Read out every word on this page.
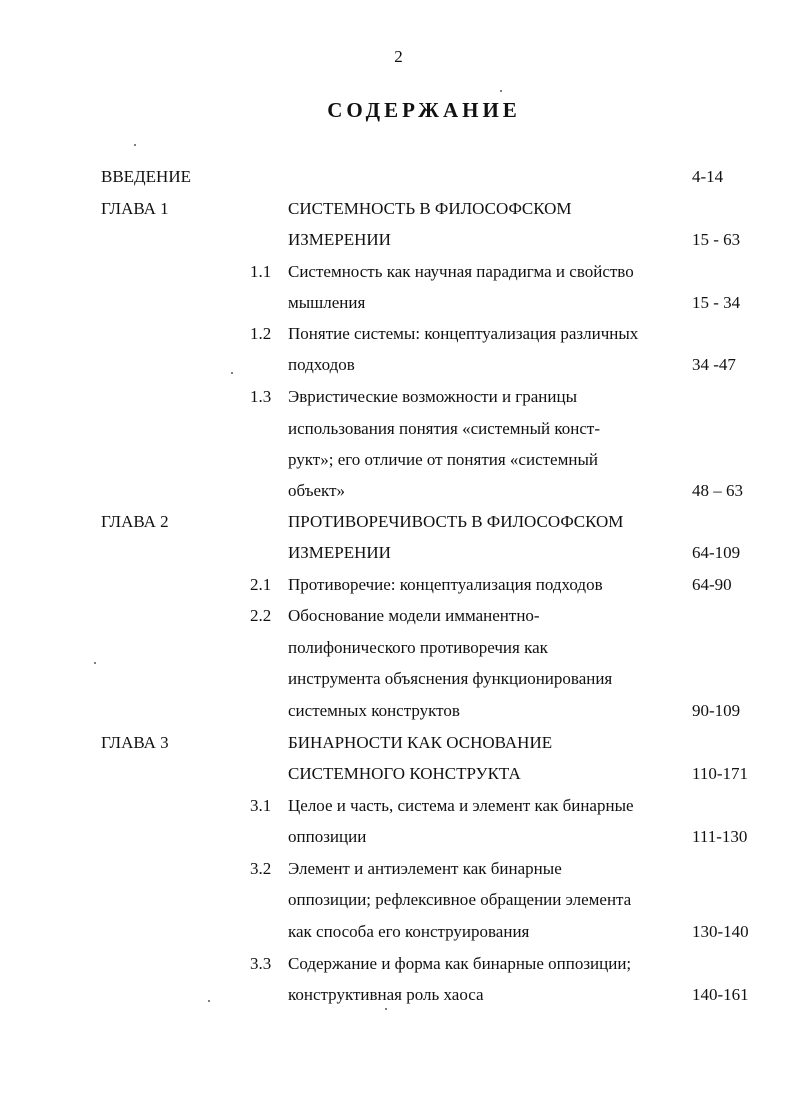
2
СОДЕРЖАНИЕ
ВВЕДЕНИЕ	4-14
ГЛАВА 1	СИСТЕМНОСТЬ В ФИЛОСОФСКОМ
ИЗМЕРЕНИИ	15 - 63
1.1 Системность как научная парадигма и свойство
мышления	15 - 34
1.2 Понятие системы: концептуализация различных
подходов	34 -47
1.3 Эвристические возможности и границы
использования понятия «системный конст-
рукт»; его отличие от понятия «системный
объект»	48 – 63
ГЛАВА 2	ПРОТИВОРЕЧИВОСТЬ В ФИЛОСОФСКОМ
ИЗМЕРЕНИИ	64-109
2.1 Противоречие: концептуализация подходов	64-90
2.2 Обоснование модели имманентно-
полифонического противоречия как
инструмента объяснения функционирования
системных конструктов	90-109
ГЛАВА 3	БИНАРНОСТИ КАК ОСНОВАНИЕ
СИСТЕМНОГО КОНСТРУКТА	110-171
3.1 Целое и часть, система и элемент как бинарные
оппозиции	111-130
3.2 Элемент и антиэлемент как бинарные
оппозиции; рефлексивное обращении элемента
как способа его конструирования	130-140
3.3 Содержание и форма как бинарные оппозиции;
конструктивная роль хаоса	140-161
